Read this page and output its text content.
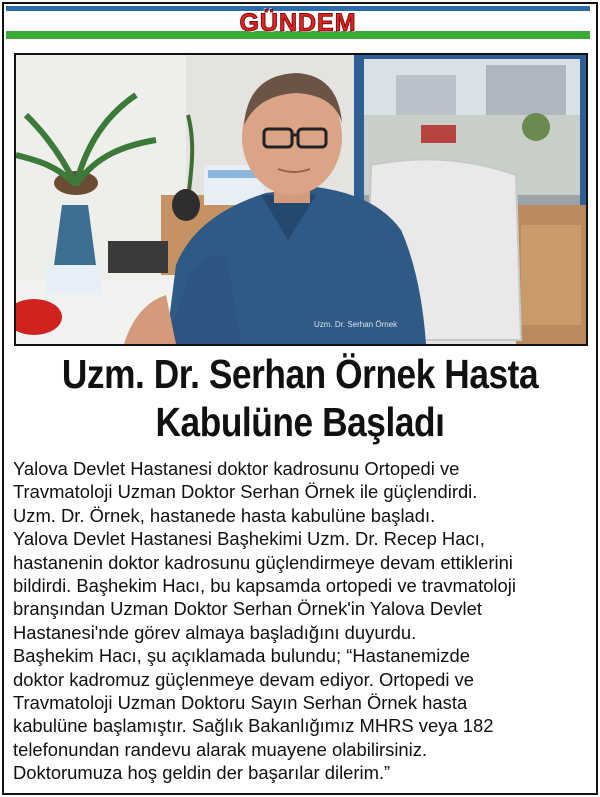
GÜNDEM
Uzm. Dr. Serhan Örnek
Uzm. Dr. Serhan Örnek Hasta
Kabulüne Başladı

Yalova Devlet Hastanesi doktor kadrosunu Ortopedi ve

Travmatoloji Uzman Doktor Serhan Örnek ile güçlendirdi.

Uzm. Dr. Örnek, hastanede hasta kabulüne başladı.

Yalova Devlet Hastanesi Başhekimi Uzm. Dr. Recep Hacı,

hastanenin doktor kadrosunu güçlendirmeye devam ettiklerini

bildirdi. Başhekim Hacı, bu kapsamda ortopedi ve travmatoloji

branşından Uzman Doktor Serhan Örnek'in Yalova Devlet

Hastanesi'nde görev almaya başladığını duyurdu.

Başhekim Hacı, şu açıklamada bulundu; “Hastanemizde

doktor kadromuz güçlenmeye devam ediyor. Ortopedi ve

Travmatoloji Uzman Doktoru Sayın Serhan Örnek hasta

kabulüne başlamıştır. Sağlık Bakanlığımız MHRS veya 182

telefonundan randevu alarak muayene olabilirsiniz.

Doktorumuza hoş geldin der başarılar dilerim.”
